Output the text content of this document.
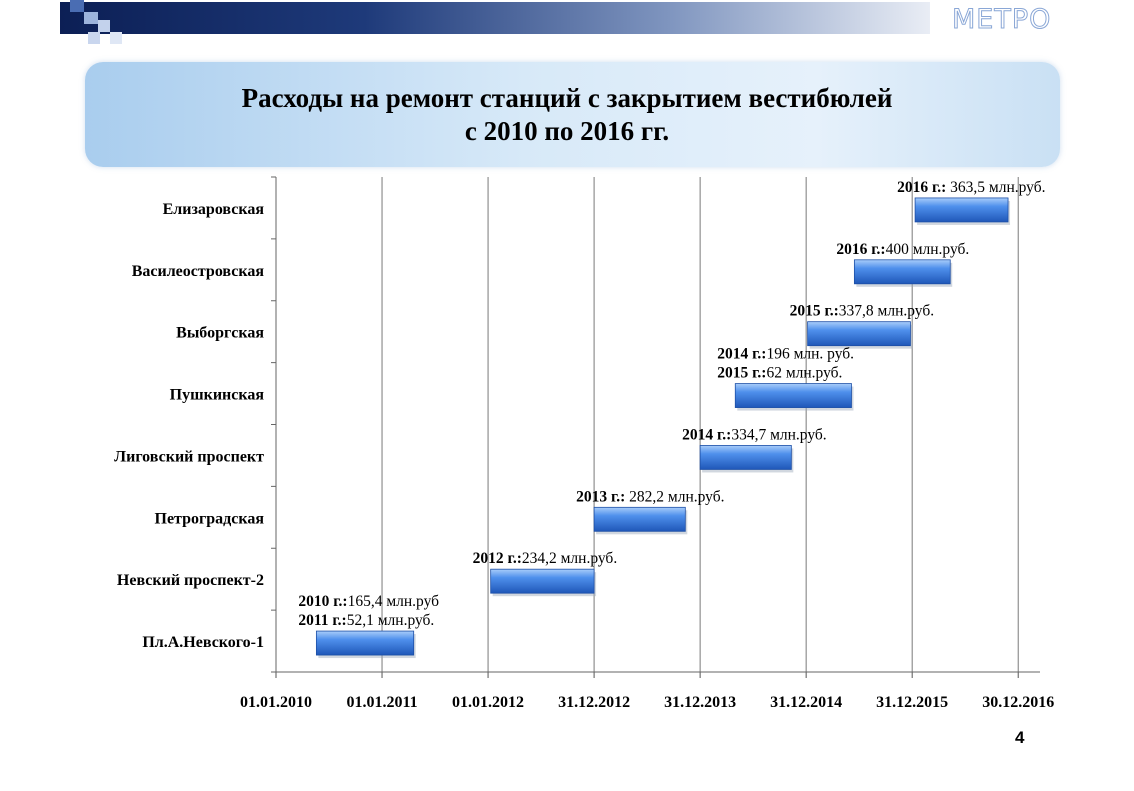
МЕТРО
Расходы на ремонт станций с закрытием вестибюлей
с 2010 по 2016 гг.
01.01.2010 01.01.2011 01.01.2012 31.12.2012 31.12.2013 31.12.2014 31.12.2015 30.12.2016
Елизаровская
Василеостровская
Выборгская
Пушкинская
Лиговский проспект
Петроградская
Невский проспект-2
Пл.А.Невского-1
2016 г.: 363,5 млн.руб.
2016 г.:400 млн.руб.
2015 г.:337,8 млн.руб.
2014 г.:196 млн. руб.
2015 г.:62 млн.руб.
2014 г.:334,7 млн.руб.
2013 г.: 282,2 млн.руб.
2012 г.:234,2 млн.руб.
2010 г.:165,4 млн.руб
2011 г.:52,1 млн.руб.
4
